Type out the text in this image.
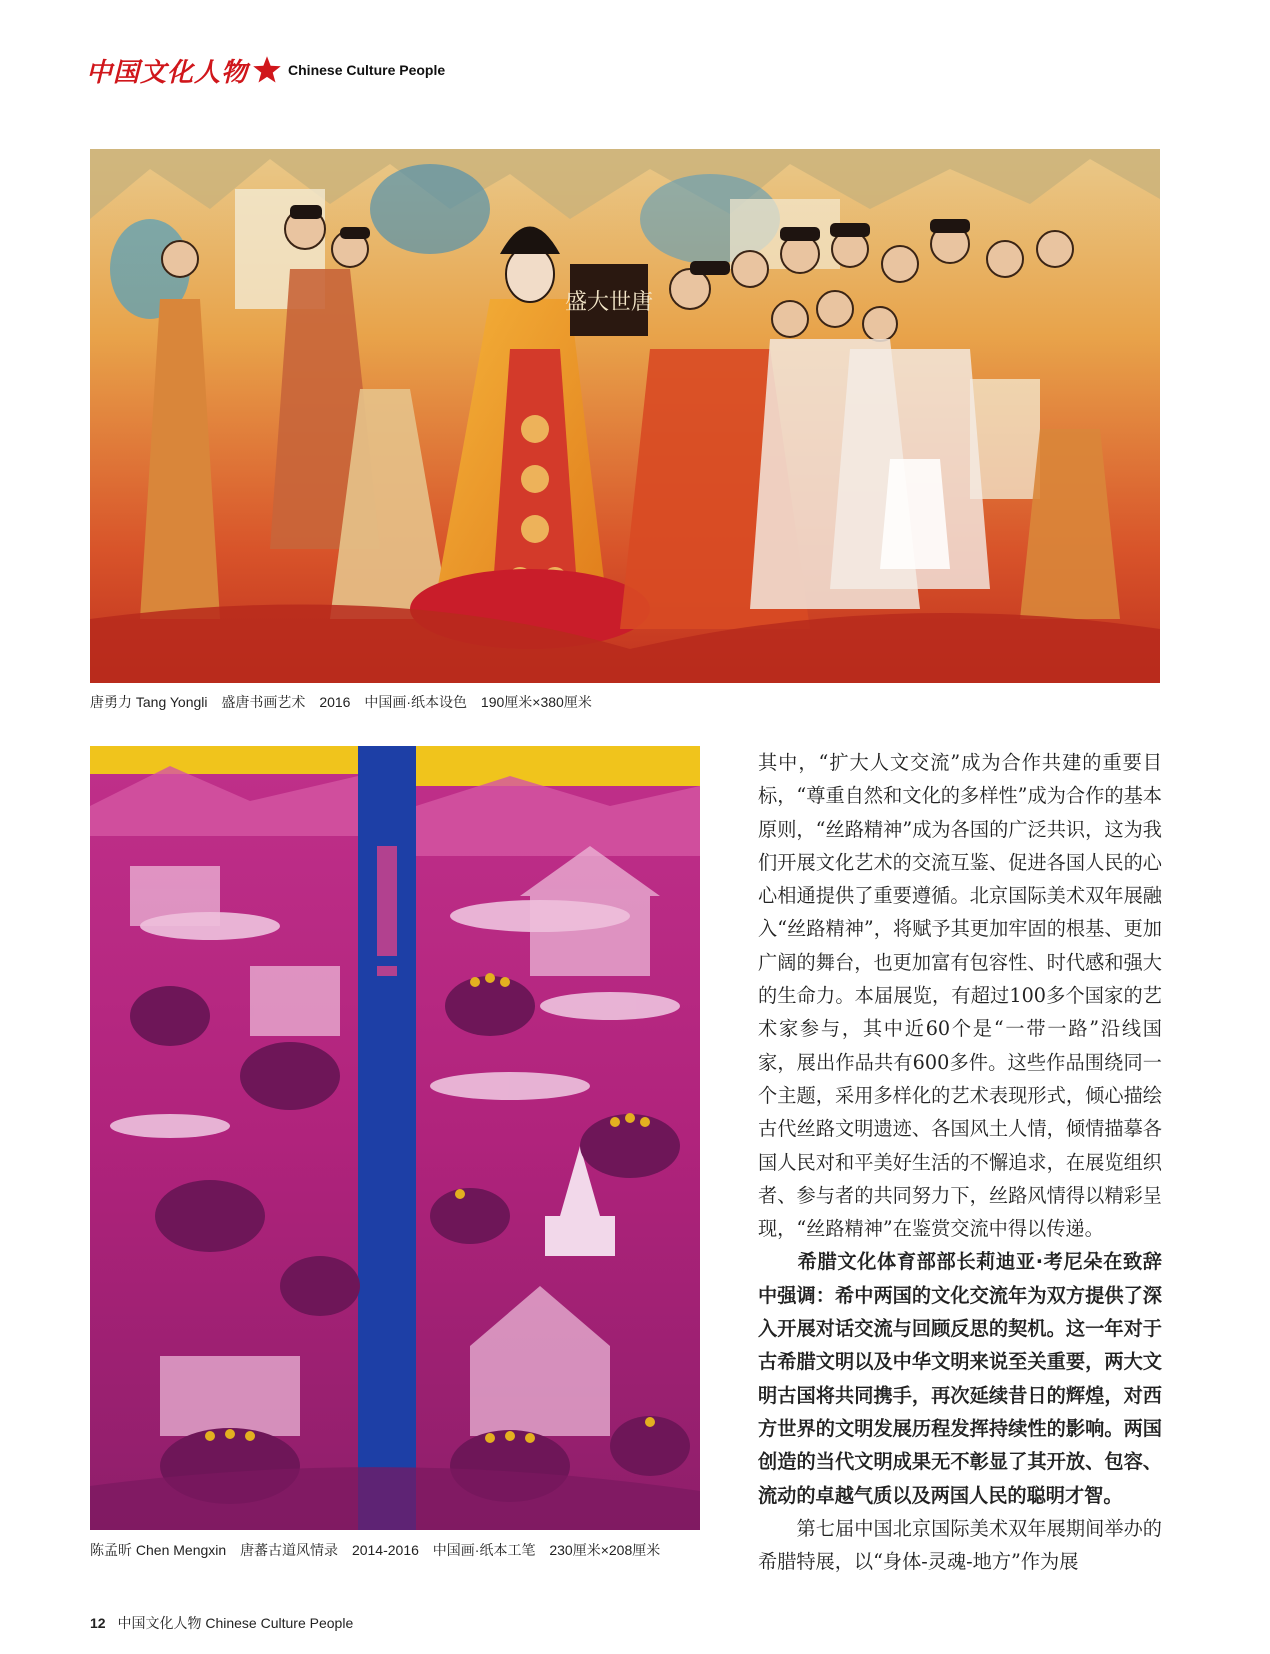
中国文化人物	Chinese Culture People
盛大世唐
唐勇力 Tang Yongli 盛唐书画艺术 2016 中国画·纸本设色 190厘米×380厘米
陈孟昕 Chen Mengxin 唐蕃古道风情录 2014-2016 中国画·纸本工笔 230厘米×208厘米

其中，“扩大人文交流”成为合作共建的重要目标，“尊重自然和文化的多样性”成为合作的基本原则，“丝路精神”成为各国的广泛共识，这为我们开展文化艺术的交流互鉴、促进各国人民的心心相通提供了重要遵循。北京国际美术双年展融入“丝路精神”，将赋予其更加牢固的根基、更加广阔的舞台，也更加富有包容性、时代感和强大的生命力。本届展览，有超过100多个国家的艺术家参与，其中近60个是“一带一路”沿线国家，展出作品共有600多件。这些作品围绕同一个主题，采用多样化的艺术表现形式，倾心描绘古代丝路文明遗迹、各国风土人情，倾情描摹各国人民对和平美好生活的不懈追求，在展览组织者、参与者的共同努力下，丝路风情得以精彩呈现，“丝路精神”在鉴赏交流中得以传递。

　　希腊文化体育部部长莉迪亚·考尼朵在致辞中强调：希中两国的文化交流年为双方提供了深入开展对话交流与回顾反思的契机。这一年对于古希腊文明以及中华文明来说至关重要，两大文明古国将共同携手，再次延续昔日的辉煌，对西方世界的文明发展历程发挥持续性的影响。两国创造的当代文明成果无不彰显了其开放、包容、流动的卓越气质以及两国人民的聪明才智。

　　第七届中国北京国际美术双年展期间举办的希腊特展，以“身体-灵魂-地方”作为展

12 中国文化人物 Chinese Culture People
